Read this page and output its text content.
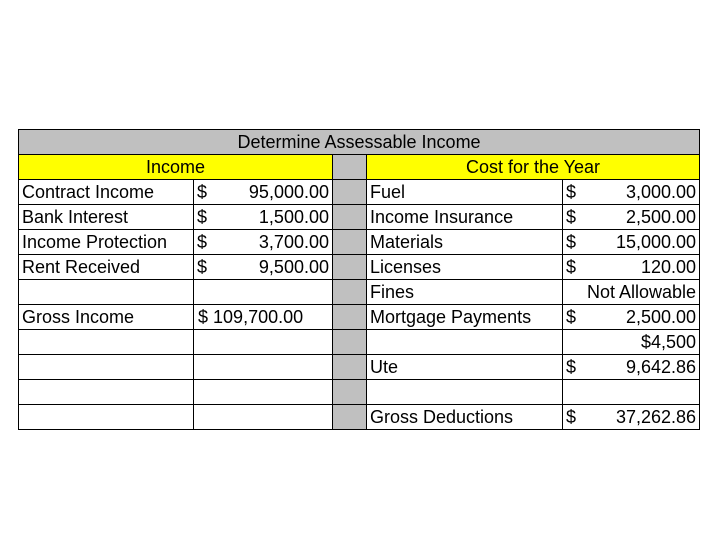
Determine Assessable Income				
Income			Cost for the Year	
Contract Income	$ 95,000.00		Fuel	$ 3,000.00

Bank Interest	$ 1,500.00		Income Insurance	$ 2,500.00

Income Protection	$ 3,700.00		Materials	$ 15,000.00

Rent Received	$ 9,500.00		Licenses	$ 120.00

			Fines	Not Allowable
Gross Income	$ 109,700.00		Mortgage Payments	$ 2,500.00

				$4,500
			Ute	$ 9,642.86

			Gross Deductions	$ 37,262.86
